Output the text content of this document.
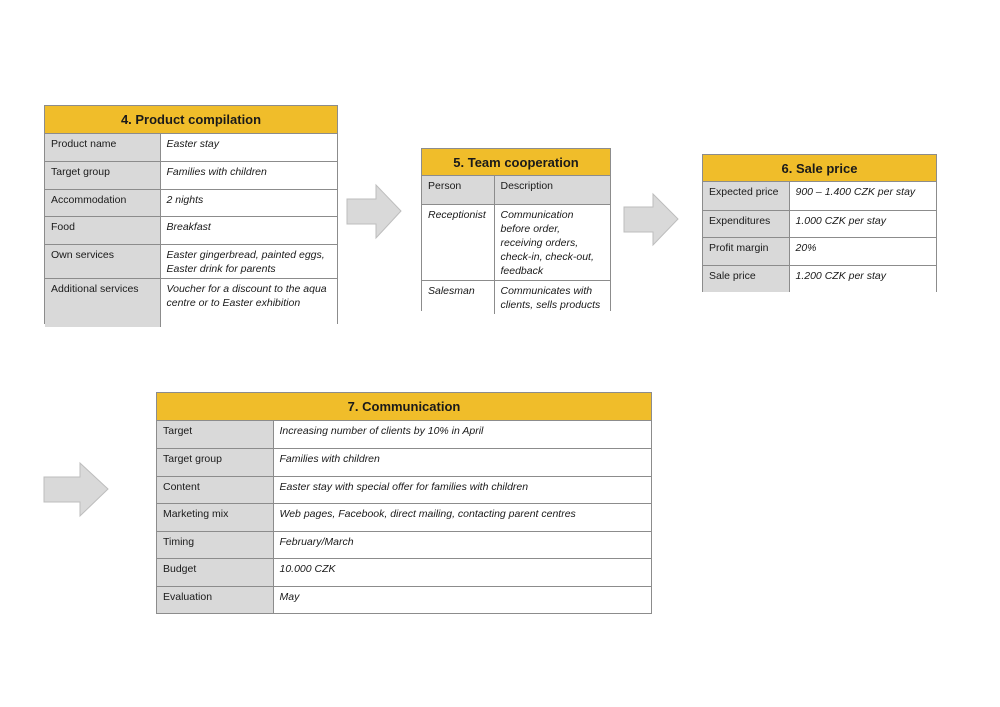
4. Product compilation
Product name	Easter stay
Target group	Families with children
Accommodation	2 nights
Food	Breakfast
Own services	Easter gingerbread, painted eggs, Easter drink for parents
Additional services	Voucher for a discount to the aqua centre or to Easter exhibition
5. Team cooperation
Person	Description
Receptionist	Communication before order, receiving orders, check-in, check-out, feedback
Salesman	Communicates with clients, sells products
6. Sale price
Expected price	900 – 1.400 CZK per stay
Expenditures	1.000 CZK per stay
Profit margin	20%
Sale price	1.200 CZK per stay
7. Communication
Target	Increasing number of clients by 10% in April
Target group	Families with children
Content	Easter stay with special offer for families with children
Marketing mix	Web pages, Facebook, direct mailing, contacting parent centres
Timing	February/March
Budget	10.000 CZK
Evaluation	May
